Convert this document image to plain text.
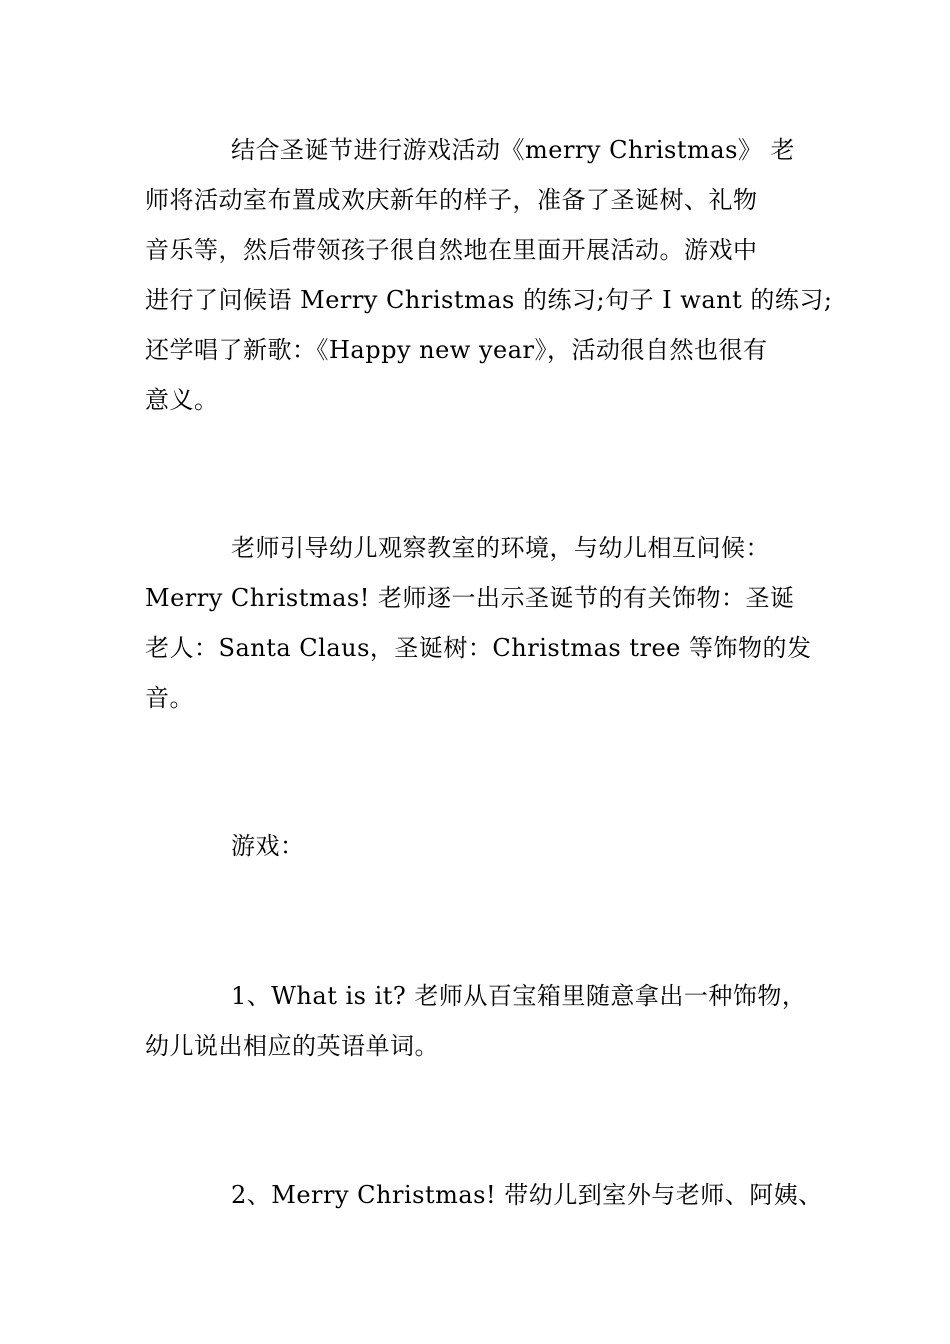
结合圣诞节进行游戏活动《merry Christmas》 老
师将活动室布置成欢庆新年的样子，准备了圣诞树、礼物
音乐等，然后带领孩子很自然地在里面开展活动。游戏中
进行了问候语 Merry Christmas 的练习;句子 I want 的练习;
还学唱了新歌：《Happy new year》，活动很自然也很有
意义。
老师引导幼儿观察教室的环境，与幼儿相互问候：
Merry Christmas! 老师逐一出示圣诞节的有关饰物：圣诞
老人：Santa Claus，圣诞树：Christmas tree 等饰物的发
音。
游戏：
1、What is it? 老师从百宝箱里随意拿出一种饰物，
幼儿说出相应的英语单词。
2、Merry Christmas! 带幼儿到室外与老师、阿姨、
